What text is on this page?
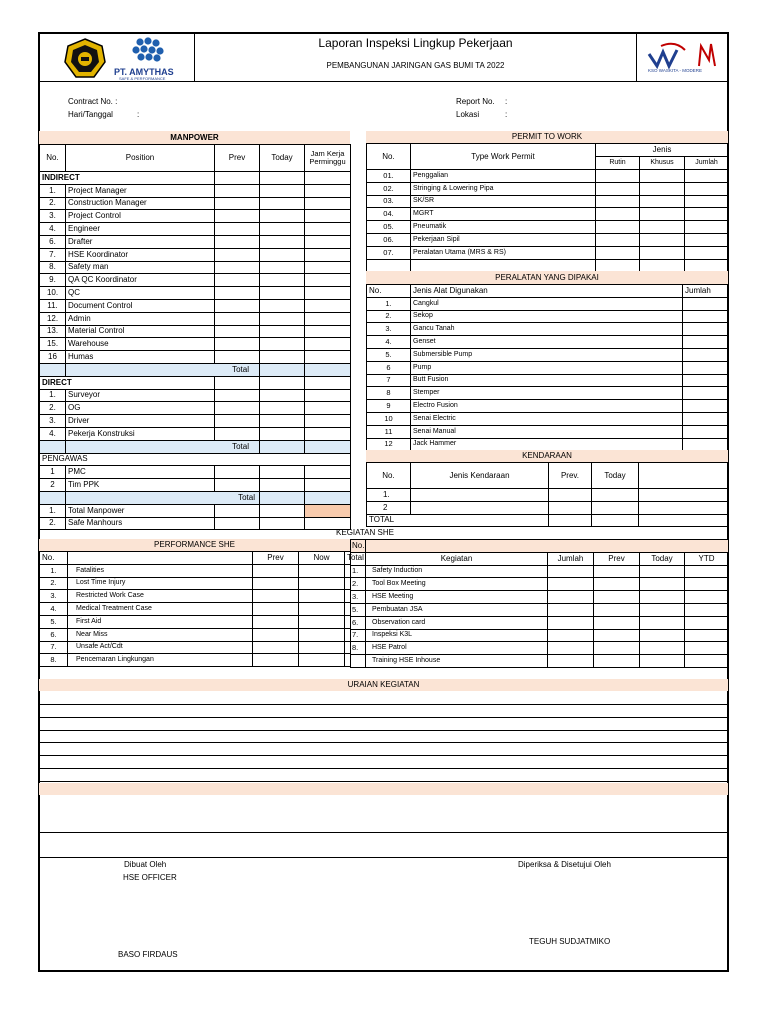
PT. AMYTHAS
SAFE & PERFORMANCE
Laporan Inspeksi Lingkup Pekerjaan
PEMBANGUNAN JARINGAN GAS BUMI TA 2022
KSO WASKITA - MODERE
Contract No. :
Hari/Tanggal	:
Report No. :
Lokasi	:
MANPOWER
No.	Position	Prev	Today	Jam Kerja Perminggu
INDIRECT				
1.	Project Manager			
2.	Construction Manager			
3.	Project Control			
4.	Engineer			
6.	Drafter			
7.	HSE Koordinator			
8.	Safety man			
9.	QA QC Koordinator			
10.	QC			
11.	Document Control			
12.	Admin			
13.	Material Control			
15.	Warehouse			
16	Humas			
	Total			
DIRECT				
1.	Surveyor			
2.	OG			
3.	Driver			
4.	Pekerja Konstruksi			
	Total			
PENGAWAS				
1	PMC			
2	Tim PPK			
	Total			
1.	Total Manpower			
2.	Safe Manhours			
PERMIT TO WORK
No.	Type Work Permit	Jenis		
		Rutin	Khusus	Jumlah
01.	Penggalian			
02.	Stringing & Lowering Pipa			
03.	SK/SR			
04.	MGRT			
05.	Pneumatik			
06.	Pekerjaan Sipil			
07.	Peralatan Utama (MRS & RS)			

PERALATAN YANG DIPAKAI
No.	Jenis Alat Digunakan	Jumlah
1.	Cangkul	
2.	Sekop	
3.	Gancu Tanah	
4.	Genset	
5.	Submersible Pump	
6	Pump	
7	Butt Fusion	
8	Stemper	
9	Electro Fusion	
10	Senai Electric	
11	Senai Manual	
12	Jack Hammer	
KENDARAAN
No.	Jenis Kendaraan	Prev.	Today	
1.				
2				
TOTAL				
KEGIATAN SHE
PERFORMANCE SHE
No.		Prev	Now	Total
1.	Fatalities			
2.	Lost Time Injury			
3.	Restricted Work Case			
4.	Medical Treatment Case			
5.	First Aid			
6.	Near Miss			
7.	Unsafe Act/Cdt			
8.	Pencemaran Lingkungan			
No.					
	Kegiatan	Jumlah	Prev	Today	YTD
1.	Safety Induction				
2.	Tool Box Meeting				
3.	HSE Meeting				
5.	Pembuatan JSA				
6.	Observation card				
7.	Inspeksi K3L				
8.	HSE Patrol				
	Training HSE Inhouse				
URAIAN KEGIATAN
Dibuat Oleh
HSE OFFICER
BASO FIRDAUS
Diperiksa & Disetujui Oleh
TEGUH SUDJATMIKO
